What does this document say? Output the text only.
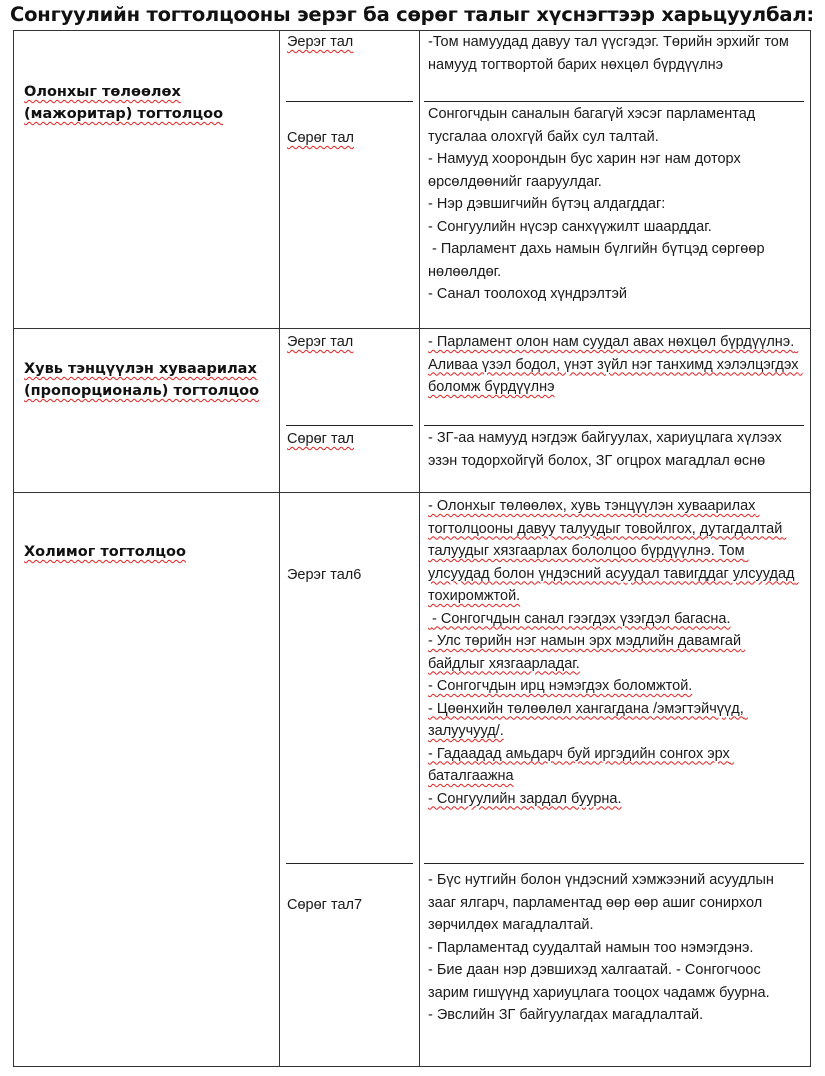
Сонгуулийн тогтолцооны эерэг ба сөрөг талыг хүснэгтээр харьцуулбал:
Олонхыг төлөөлөх (мажоритар) тогтолцоо
Эерэг тал
Сөрөг тал

-Том намуудад давуу тал үүсгэдэг. Төрийн эрхийг том намууд тогтвортой барих нөхцөл бүрдүүлнэ

Сонгогчдын саналын багагүй хэсэг парламентад тусгалаа олохгүй байх сул талтай.

- Намууд хоорондын бус харин нэг нам доторх өрсөлдөөнийг гааруулдаг.

- Нэр дэвшигчийн бүтэц алдагддаг:

- Сонгуулийн нүсэр санхүүжилт шаарддаг.

- Парламент дахь намын бүлгийн бүтцэд сөргөөр нөлөөлдөг.

- Санал тоолоход хүндрэлтэй

Хувь тэнцүүлэн хуваарилах (пропорциональ) тогтолцоо
Эерэг тал
Сөрөг тал

- Парламент олон нам суудал авах нөхцөл бүрдүүлнэ. Аливаа үзэл бодол, үнэт зүйл нэг танхимд хэлэлцэгдэх боломж бүрдүүлнэ

- ЗГ-аа намууд нэгдэж байгуулах, хариуцлага хүлээх эзэн тодорхойгүй болох, ЗГ огцрох магадлал өснө

Холимог тогтолцоо
Эерэг тал6
Сөрөг тал7

- Олонхыг төлөөлөх, хувь тэнцүүлэн хуваарилах тогтолцооны давуу талуудыг товойлгох, дутагдалтай талуудыг хязгаарлах бололцоо бүрдүүлнэ. Том улсуудад болон үндэсний асуудал тавигддаг улсуудад тохиромжтой.

- Сонгогчдын санал гээгдэх үзэгдэл багасна.

- Улс төрийн нэг намын эрх мэдлийн давамгай байдлыг хязгаарладаг.

- Сонгогчдын ирц нэмэгдэх боломжтой.

- Цөөнхийн төлөөлөл хангагдана /эмэгтэйчүүд, залуучууд/.

- Гадаадад амьдарч буй иргэдийн сонгох эрх баталгаажна

- Сонгуулийн зардал буурна.

- Бүс нутгийн болон үндэсний хэмжээний асуудлын зааг ялгарч, парламентад өөр өөр ашиг сонирхол зөрчилдөх магадлалтай.

- Парламентад суудалтай намын тоо нэмэгдэнэ.

- Бие даан нэр дэвшихэд халгаатай. - Сонгогчоос зарим гишүүнд хариуцлага тооцох чадамж буурна.

- Эвслийн ЗГ байгуулагдах магадлалтай.
